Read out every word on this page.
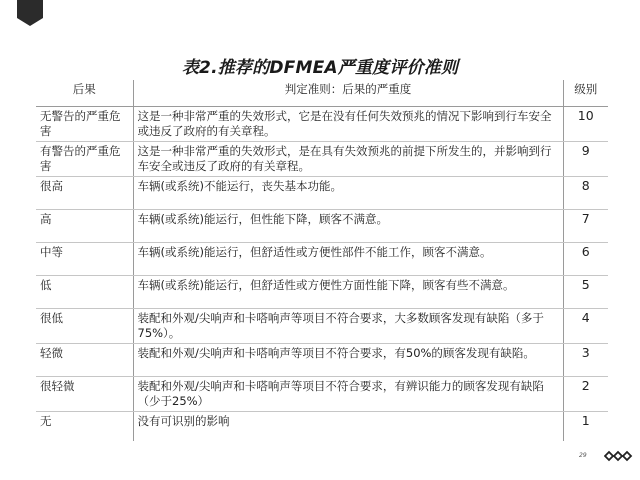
表2.推荐的DFMEA严重度评价准则
后果	判定准则：后果的严重度	级别
无警告的严重危害	这是一种非常严重的失效形式，它是在没有任何失效预兆的情况下影响到行车安全或违反了政府的有关章程。	10
有警告的严重危害	这是一种非常严重的失效形式，是在具有失效预兆的前提下所发生的，并影响到行车安全或违反了政府的有关章程。	9
很高	车辆(或系统)不能运行，丧失基本功能。	8
高	车辆(或系统)能运行，但性能下降，顾客不满意。	7
中等	车辆(或系统)能运行，但舒适性或方便性部件不能工作，顾客不满意。	6
低	车辆(或系统)能运行，但舒适性或方便性方面性能下降，顾客有些不满意。	5
很低	装配和外观/尖响声和卡嗒响声等项目不符合要求，大多数顾客发现有缺陷（多于75%）。	4
轻微	装配和外观/尖响声和卡嗒响声等项目不符合要求，有50%的顾客发现有缺陷。	3
很轻微	装配和外观/尖响声和卡嗒响声等项目不符合要求，有辨识能力的顾客发现有缺陷（少于25%）	2
无	没有可识别的影响	1
29
